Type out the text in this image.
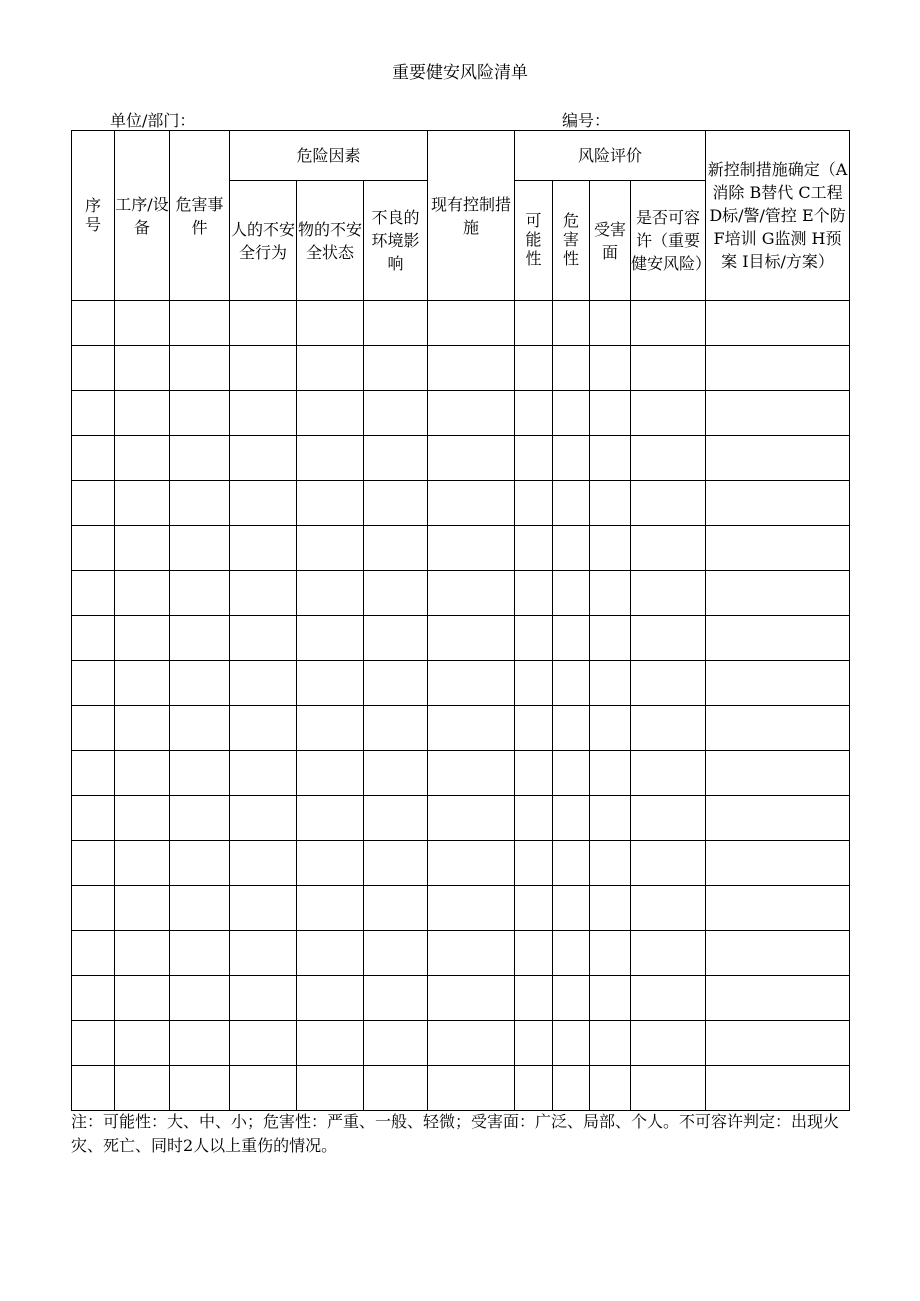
重要健安风险清单
单位/部门：	编号：
序号	工序/设备	危害事件	危险因素			现有控制措施	风险评价				新控制措施确定（A消除 B替代 C工程 D标/警/管控 E个防 F培训 G监测 H预案 I目标/方案）
			人的不安全行为	物的不安全状态	不良的环境影响		可能性	危害性	受害面	是否可容许（重要健安风险）	

注：可能性：大、中、小；危害性：严重、一般、轻微；受害面：广泛、局部、个人。不可容许判定：出现火灾、死亡、同时2人以上重伤的情况。
